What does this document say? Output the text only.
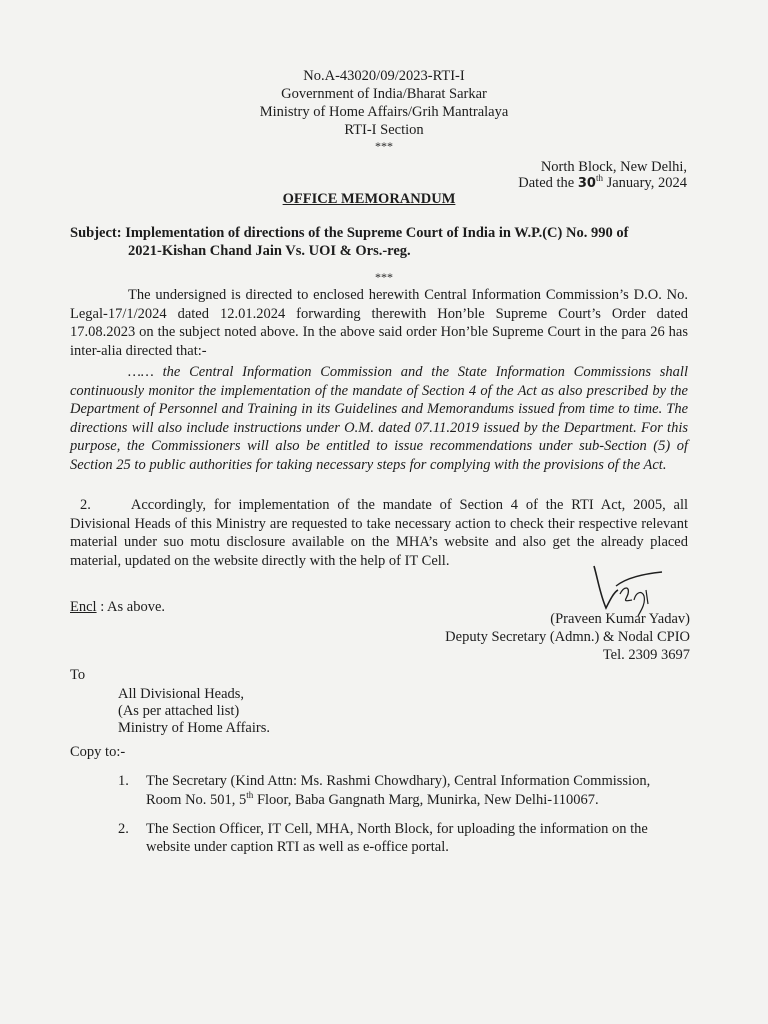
No.A-43020/09/2023-RTI-I
Government of India/Bharat Sarkar
Ministry of Home Affairs/Grih Mantralaya
RTI-I Section
***
North Block, New Delhi,
Dated the 30th January, 2024
OFFICE MEMORANDUM
Subject: Implementation of directions of the Supreme Court of India in W.P.(C) No. 990 of
2021-Kishan Chand Jain Vs. UOI & Ors.-reg.
***
The undersigned is directed to enclosed herewith Central Information Commission’s D.O. No. Legal-17/1/2024 dated 12.01.2024 forwarding therewith Hon’ble Supreme Court’s Order dated 17.08.2023 on the subject noted above. In the above said order Hon’ble Supreme Court in the para 26 has inter-alia directed that:-
…… the Central Information Commission and the State Information Commissions shall continuously monitor the implementation of the mandate of Section 4 of the Act as also prescribed by the Department of Personnel and Training in its Guidelines and Memorandums issued from time to time. The directions will also include instructions under O.M. dated 07.11.2019 issued by the Department. For this purpose, the Commissioners will also be entitled to issue recommendations under sub-Section (5) of Section 25 to public authorities for taking necessary steps for complying with the provisions of the Act.
2.	Accordingly, for implementation of the mandate of Section 4 of the RTI Act, 2005, all Divisional Heads of this Ministry are requested to take necessary action to check their respective relevant material under suo motu disclosure available on the MHA’s website and also get the already placed material, updated on the website directly with the help of IT Cell.
Encl : As above.
(Praveen Kumar Yadav)
Deputy Secretary (Admn.) & Nodal CPIO
Tel. 2309 3697
To
All Divisional Heads,
(As per attached list)
Ministry of Home Affairs.
Copy to:-
1. The Secretary (Kind Attn: Ms. Rashmi Chowdhary), Central Information Commission,
Room No. 501, 5th Floor, Baba Gangnath Marg, Munirka, New Delhi-110067.
2. The Section Officer, IT Cell, MHA, North Block, for uploading the information on the
website under caption RTI as well as e-office portal.
